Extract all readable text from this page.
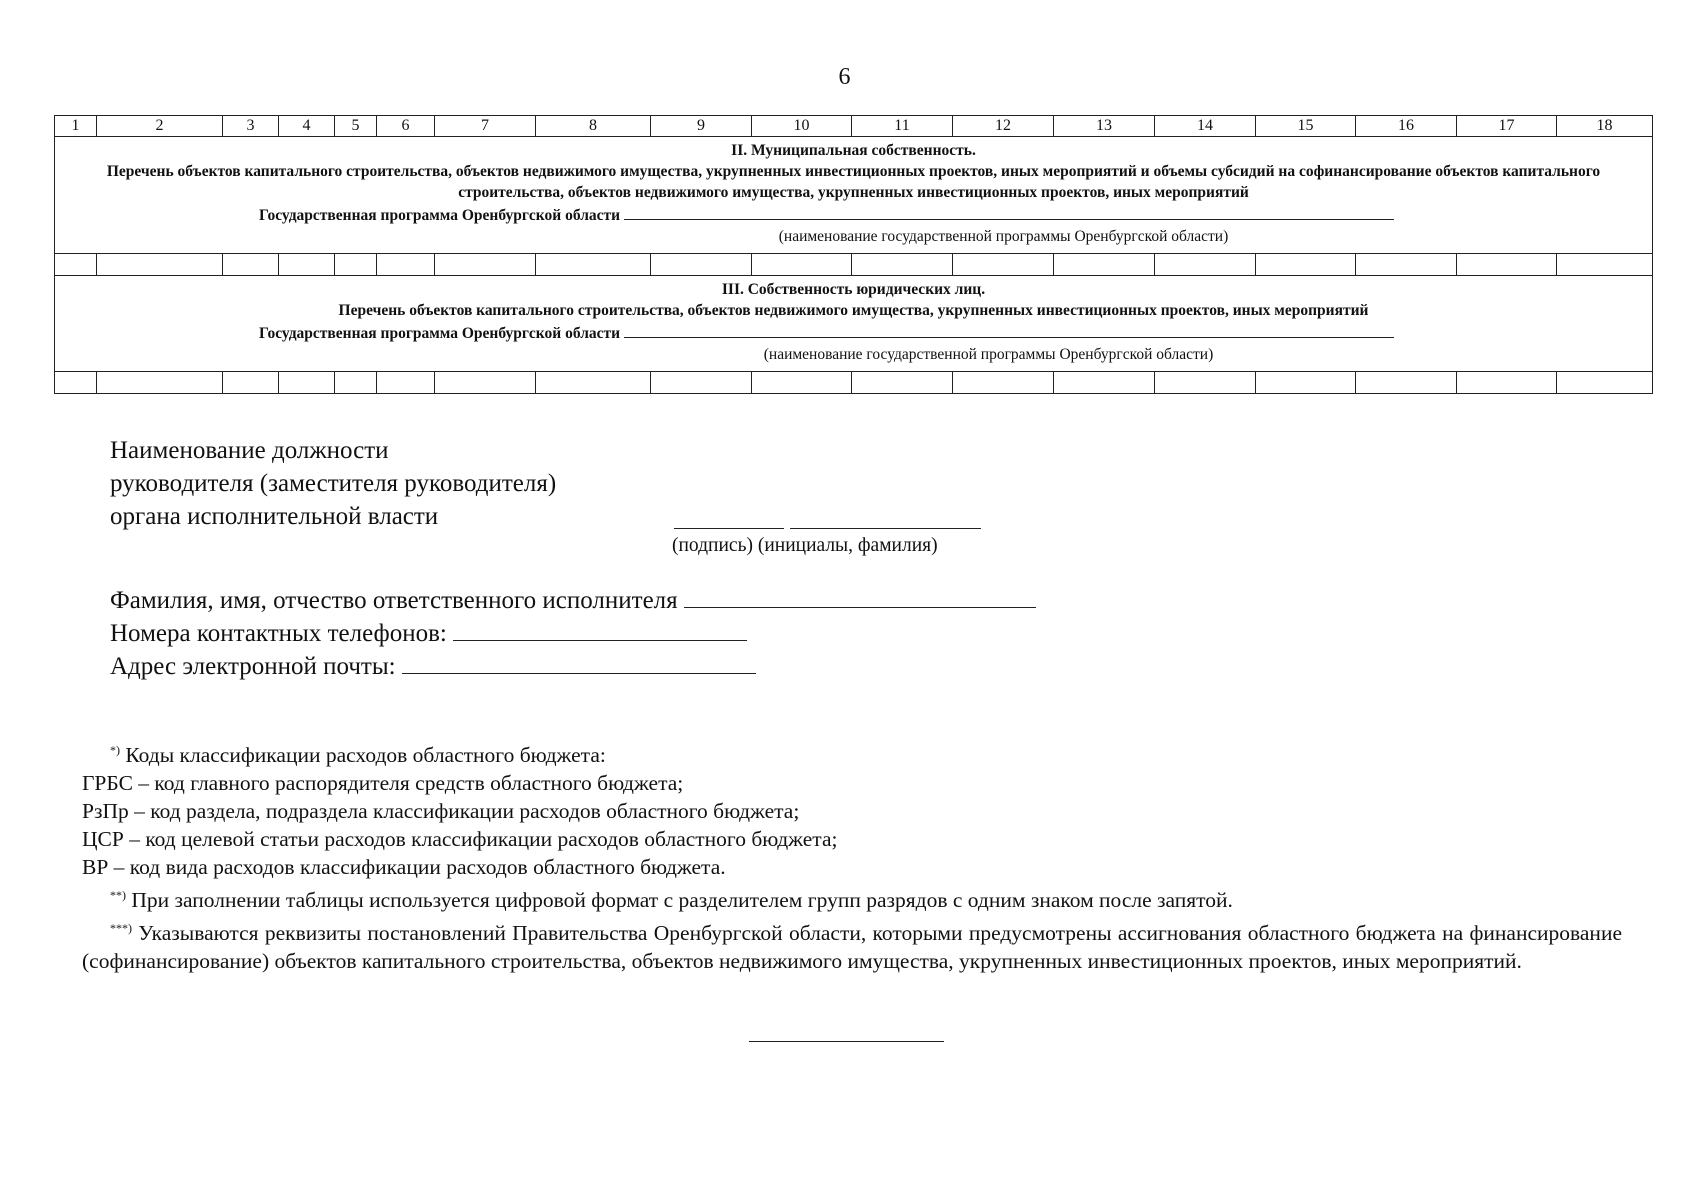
6
1	2	3	4	5	6	7	8	9	10	11	12	13	14	15	16	17	18

II. Муниципальная собственность.
Перечень объектов капитального строительства, объектов недвижимого имущества, укрупненных инвестиционных проектов, иных мероприятий и объемы субсидий на софинансирование объектов капитального строительства, объектов недвижимого имущества, укрупненных инвестиционных проектов, иных мероприятий
Государственная программа Оренбургской области
(наименование государственной программы Оренбургской области)																	

III. Собственность юридических лиц.
Перечень объектов капитального строительства, объектов недвижимого имущества, укрупненных инвестиционных проектов, иных мероприятий
Государственная программа Оренбургской области
(наименование государственной программы Оренбургской области)																	

Наименование должности
руководителя (заместителя руководителя)
органа исполнительной власти
(подпись) (инициалы, фамилия)
Фамилия, имя, отчество ответственного исполнителя
Номера контактных телефонов:
Адрес электронной почты:
*) Коды классификации расходов областного бюджета:
ГРБС – код главного распорядителя средств областного бюджета;
РзПр – код раздела, подраздела классификации расходов областного бюджета;
ЦСР – код целевой статьи расходов классификации расходов областного бюджета;
ВР – код вида расходов классификации расходов областного бюджета.
**) При заполнении таблицы используется цифровой формат с разделителем групп разрядов с одним знаком после запятой.
***) Указываются реквизиты постановлений Правительства Оренбургской области, которыми предусмотрены ассигнования областного бюджета на финансирование (софинансирование) объектов капитального строительства, объектов недвижимого имущества, укрупненных инвестиционных проектов, иных мероприятий.
